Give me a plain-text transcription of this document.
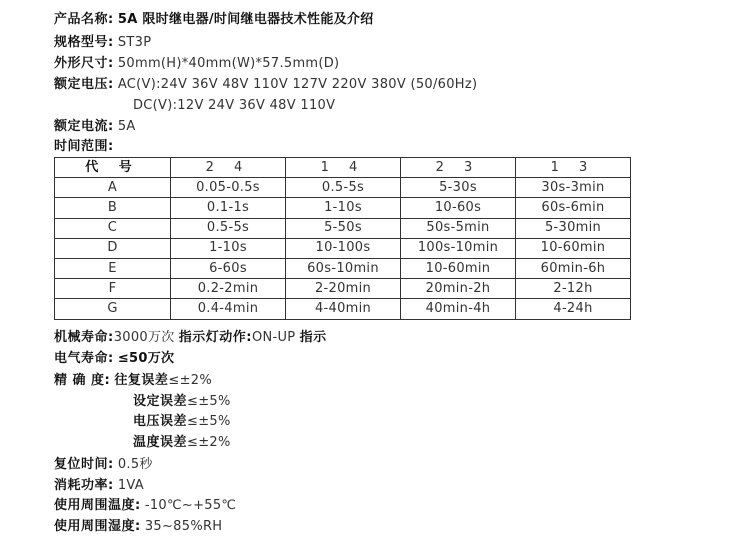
产品名称: 5A 限时继电器/时间继电器技术性能及介绍
规格型号: ST3P
外形尺寸: 50mm(H)*40mm(W)*57.5mm(D)
额定电压: AC(V):24V 36V 48V 110V 127V 220V 380V (50/60Hz)
DC(V):12V 24V 36V 48V 110V
额定电流: 5A
时间范围:
代 号	2 4	1 4	2 3	1 3
A	0.05-0.5s	0.5-5s	5-30s	30s-3min
B	0.1-1s	1-10s	10-60s	60s-6min
C	0.5-5s	5-50s	50s-5min	5-30min
D	1-10s	10-100s	100s-10min	10-60min
E	6-60s	60s-10min	10-60min	60min-6h
F	0.2-2min	2-20min	20min-2h	2-12h
G	0.4-4min	4-40min	40min-4h	4-24h
机械寿命:3000万次 指示灯动作:ON-UP 指示
电气寿命: ≤50万次
精 确 度: 往复误差≤±2%
设定误差≤±5%
电压误差≤±5%
温度误差≤±2%
复位时间: 0.5秒
消耗功率: 1VA
使用周围温度: -10℃~+55℃
使用周围湿度: 35~85%RH
